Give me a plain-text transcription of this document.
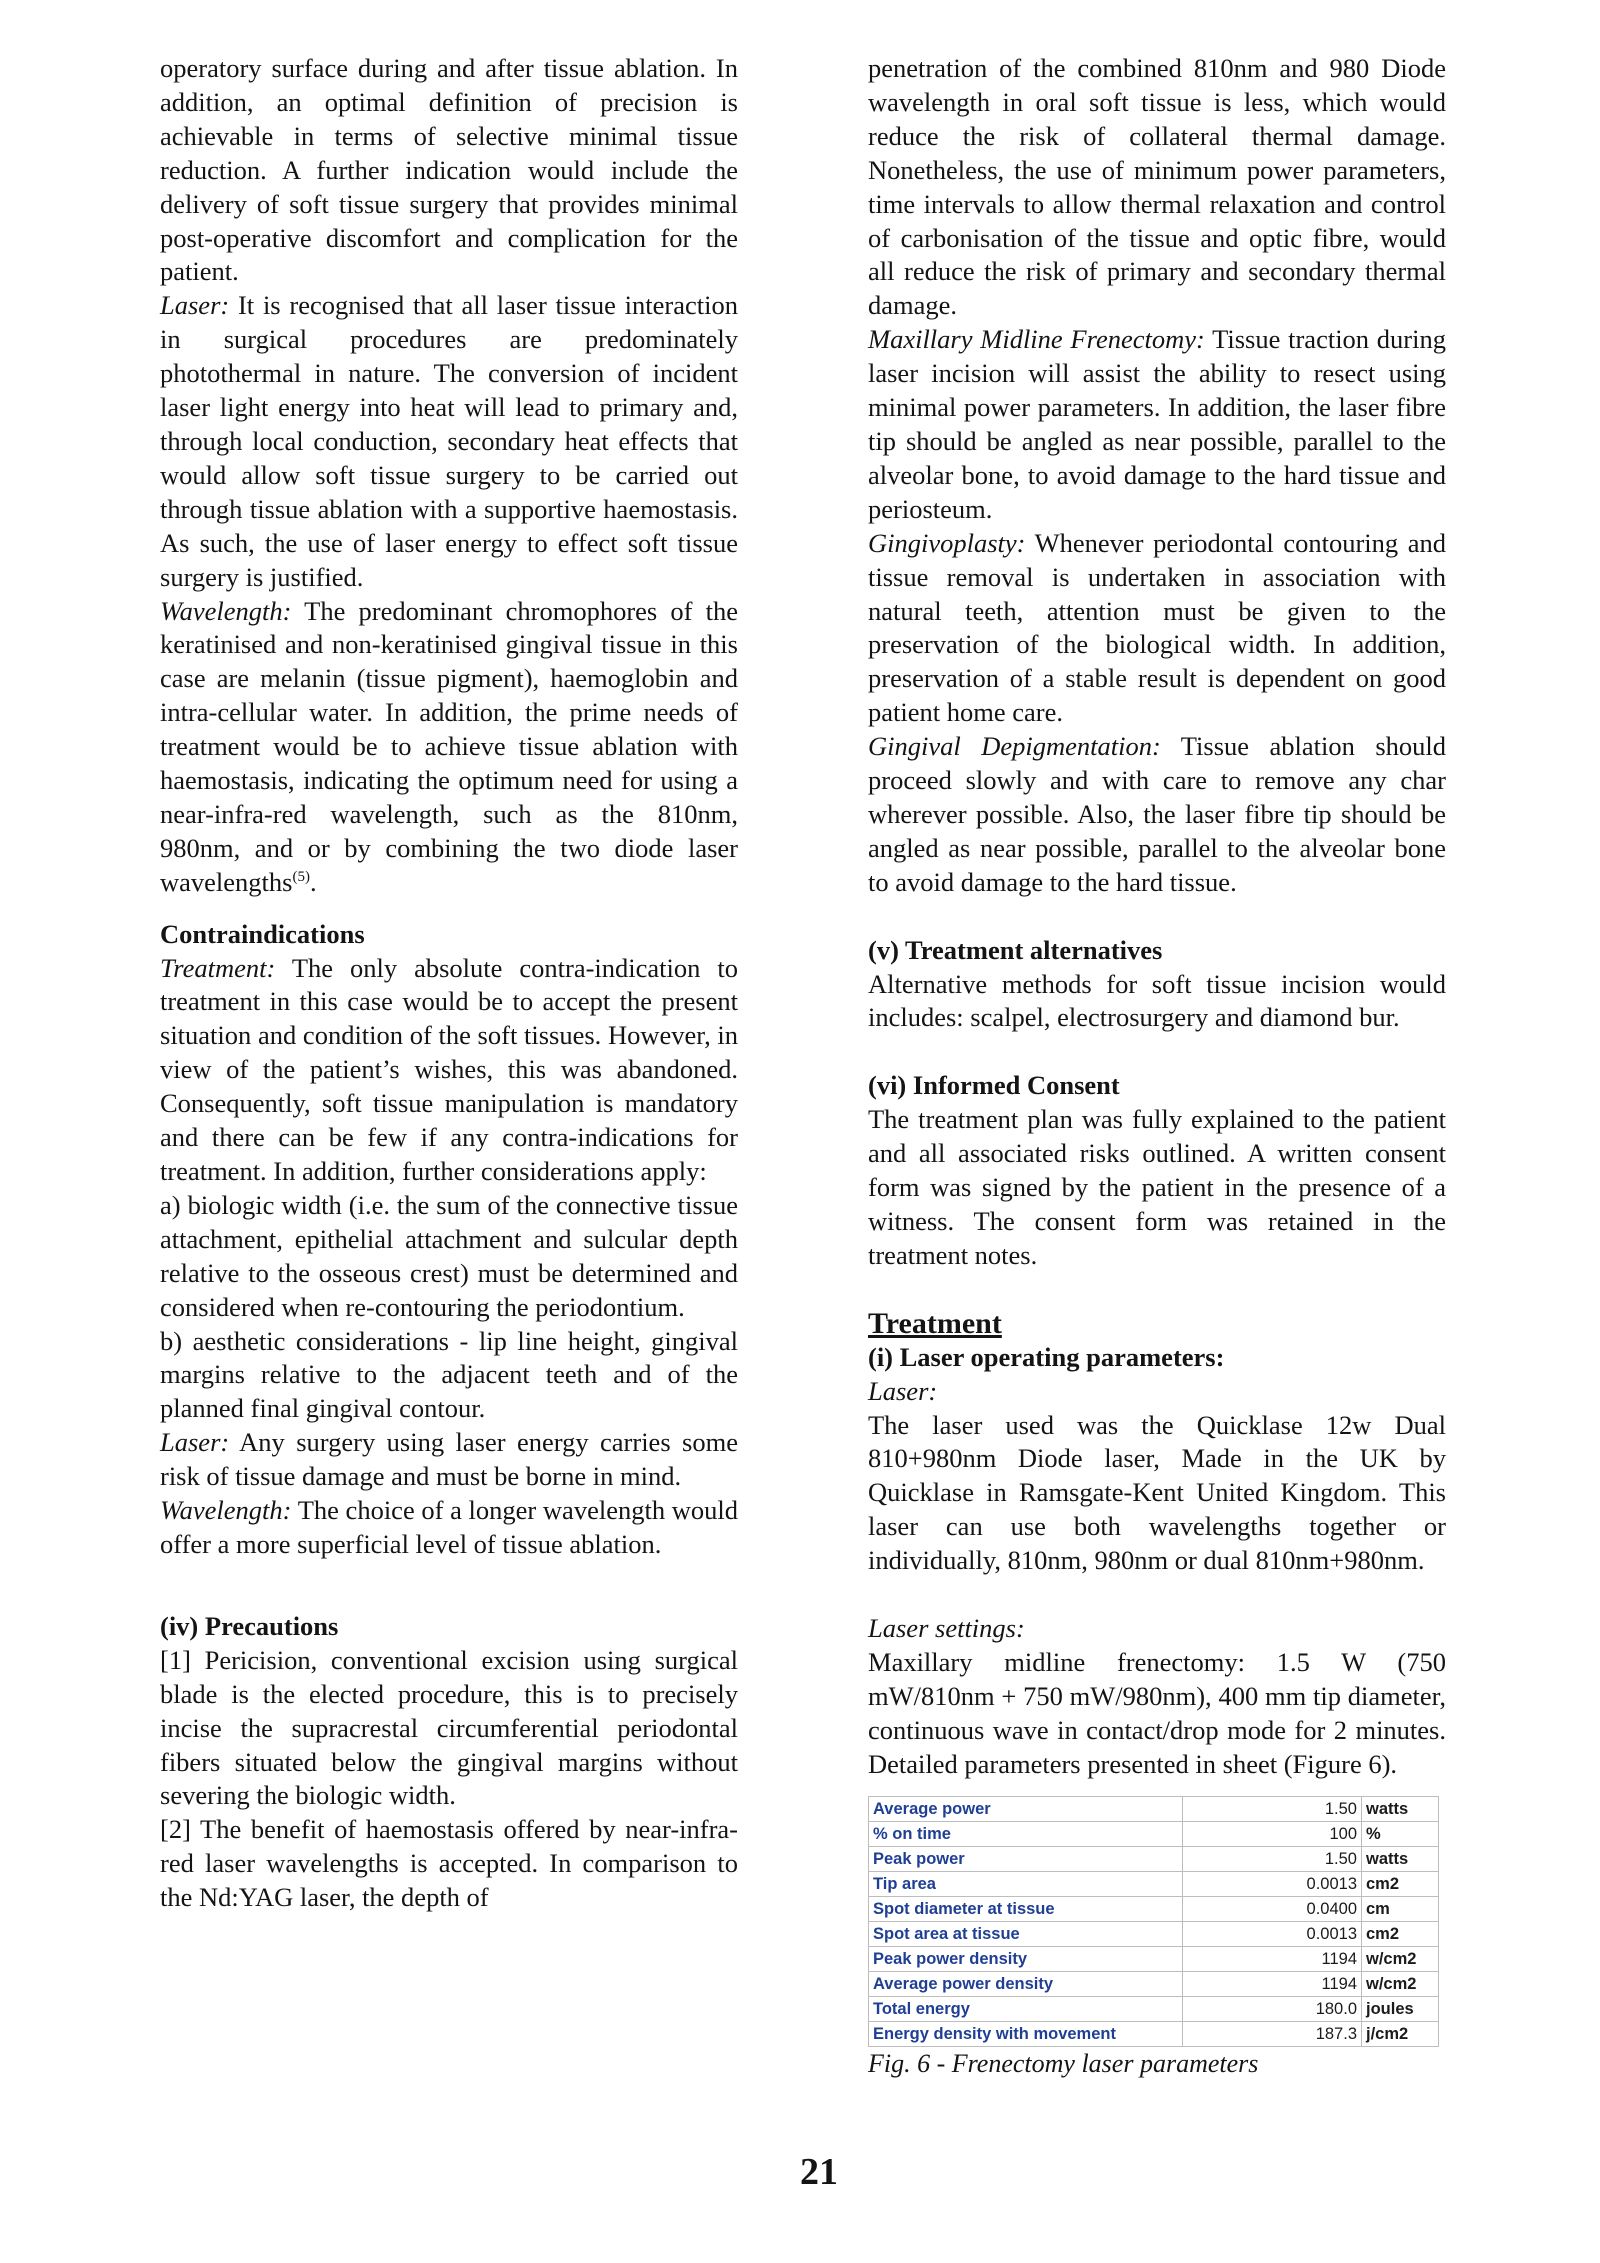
operatory surface during and after tissue ablation. In addition, an optimal definition of precision is achievable in terms of selective minimal tissue reduction. A further indication would include the delivery of soft tissue surgery that provides minimal post-operative discomfort and complication for the patient.

Laser: It is recognised that all laser tissue interaction in surgical procedures are predominately photothermal in nature. The conversion of incident laser light energy into heat will lead to primary and, through local conduction, secondary heat effects that would allow soft tissue surgery to be carried out through tissue ablation with a supportive haemostasis. As such, the use of laser energy to effect soft tissue surgery is justified.

Wavelength: The predominant chromophores of the keratinised and non-keratinised gingival tissue in this case are melanin (tissue pigment), haemoglobin and intra-cellular water. In addition, the prime needs of treatment would be to achieve tissue ablation with haemostasis, indicating the optimum need for using a near-infra-red wavelength, such as the 810nm, 980nm, and or by combining the two diode laser wavelengths$^{(5)}$.

Contraindications

Treatment: The only absolute contra-indication to treatment in this case would be to accept the present situation and condition of the soft tissues. However, in view of the patient’s wishes, this was abandoned. Consequently, soft tissue manipulation is mandatory and there can be few if any contra-indications for treatment. In addition, further considerations apply:

a) biologic width (i.e. the sum of the connective tissue attachment, epithelial attachment and sulcular depth relative to the osseous crest) must be determined and considered when re-contouring the periodontium.

b) aesthetic considerations - lip line height, gingival margins relative to the adjacent teeth and of the planned final gingival contour.

Laser: Any surgery using laser energy carries some risk of tissue damage and must be borne in mind.

Wavelength: The choice of a longer wavelength would offer a more superficial level of tissue ablation.

(iv) Precautions

[1] Pericision, conventional excision using surgical blade is the elected procedure, this is to precisely incise the supracrestal circumferential periodontal fibers situated below the gingival margins without severing the biologic width.

[2] The benefit of haemostasis offered by near-infra-red laser wavelengths is accepted. In comparison to the Nd:YAG laser, the depth of

penetration of the combined 810nm and 980 Diode wavelength in oral soft tissue is less, which would reduce the risk of collateral thermal damage. Nonetheless, the use of minimum power parameters, time intervals to allow thermal relaxation and control of carbonisation of the tissue and optic fibre, would all reduce the risk of primary and secondary thermal damage.

Maxillary Midline Frenectomy: Tissue traction during laser incision will assist the ability to resect using minimal power parameters. In addition, the laser fibre tip should be angled as near possible, parallel to the alveolar bone, to avoid damage to the hard tissue and periosteum.

Gingivoplasty: Whenever periodontal contouring and tissue removal is undertaken in association with natural teeth, attention must be given to the preservation of the biological width. In addition, preservation of a stable result is dependent on good patient home care.

Gingival Depigmentation: Tissue ablation should proceed slowly and with care to remove any char wherever possible. Also, the laser fibre tip should be angled as near possible, parallel to the alveolar bone to avoid damage to the hard tissue.

(v) Treatment alternatives

Alternative methods for soft tissue incision would includes: scalpel, electrosurgery and diamond bur.

(vi) Informed Consent

The treatment plan was fully explained to the patient and all associated risks outlined. A written consent form was signed by the patient in the presence of a witness. The consent form was retained in the treatment notes.

Treatment

(i) Laser operating parameters:

Laser:

The laser used was the Quicklase 12w Dual 810+980nm Diode laser, Made in the UK by Quicklase in Ramsgate-Kent United Kingdom. This laser can use both wavelengths together or individually, 810nm, 980nm or dual 810nm+980nm.

Laser settings:

Maxillary midline frenectomy: 1.5 W (750 mW/810nm + 750 mW/980nm), 400 mm tip diameter, continuous wave in contact/drop mode for 2 minutes. Detailed parameters presented in sheet (Figure 6).

Average power	1.50	watts
% on time	100	%
Peak power	1.50	watts
Tip area	0.0013	cm2
Spot diameter at tissue	0.0400	cm
Spot area at tissue	0.0013	cm2
Peak power density	1194	w/cm2
Average power density	1194	w/cm2
Total energy	180.0	joules
Energy density with movement	187.3	j/cm2

Fig. 6 - Frenectomy laser parameters

21
